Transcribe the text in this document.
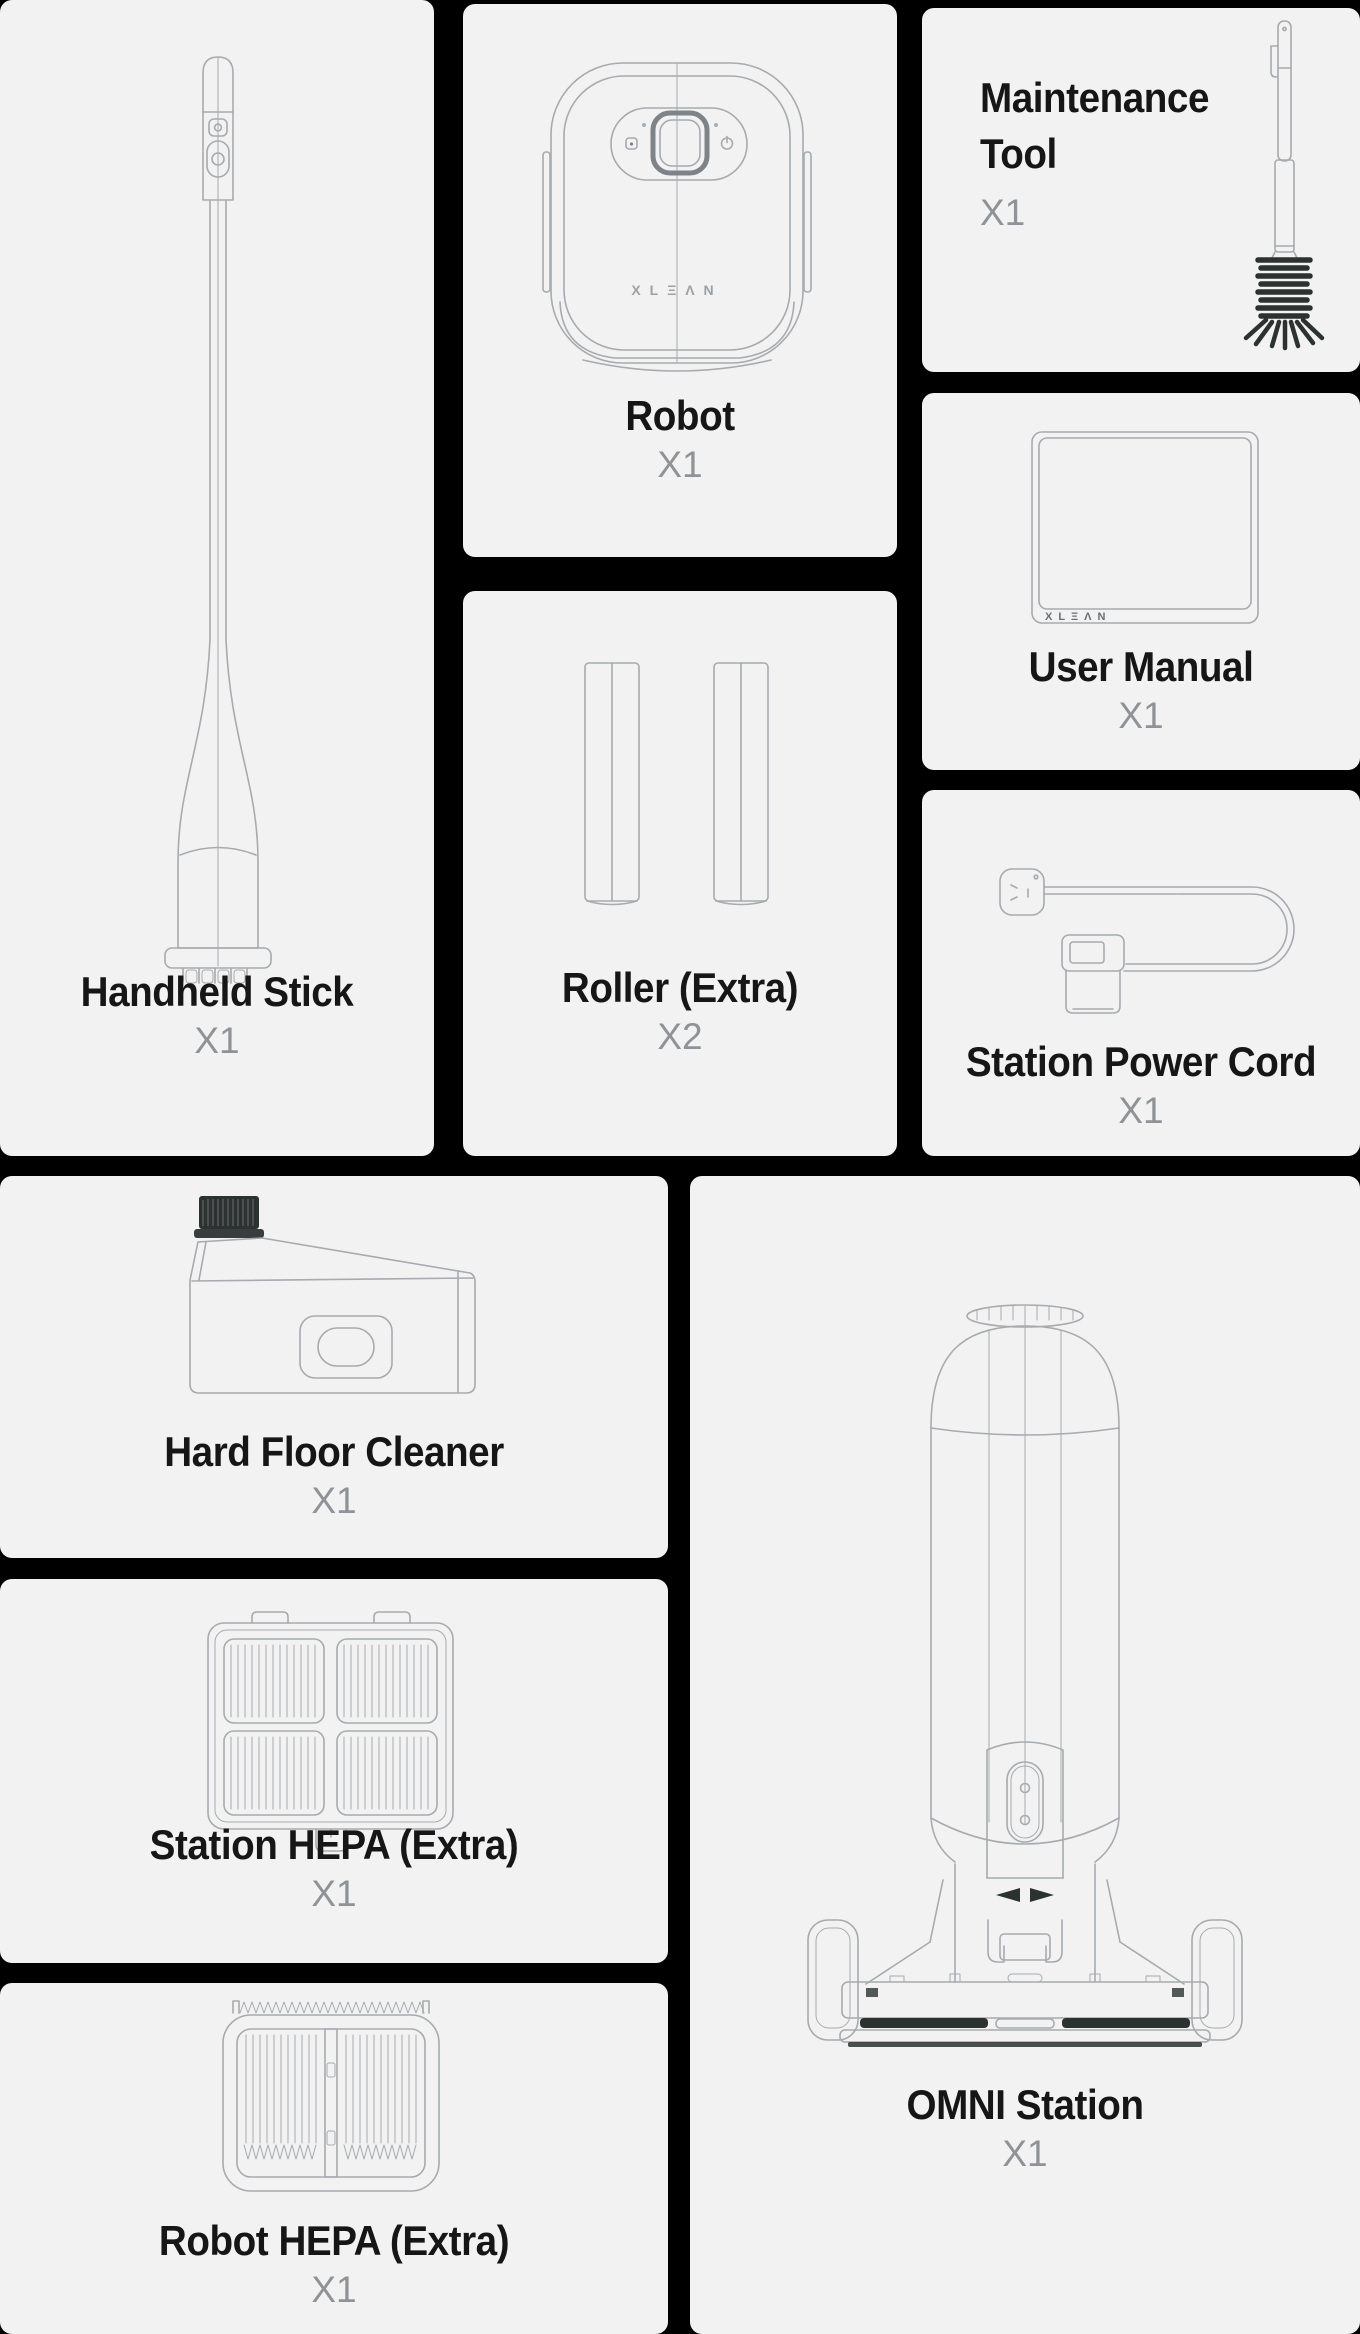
Handheld Stick
X1
XLΞΛN
Robot
X1
Maintenance Tool
X1
XLΞΛN
User Manual
X1
Station Power Cord
X1
Roller (Extra)
X2
Hard Floor Cleaner
X1
Station HEPA (Extra)
X1
Robot HEPA (Extra)
X1
OMNI Station
X1
